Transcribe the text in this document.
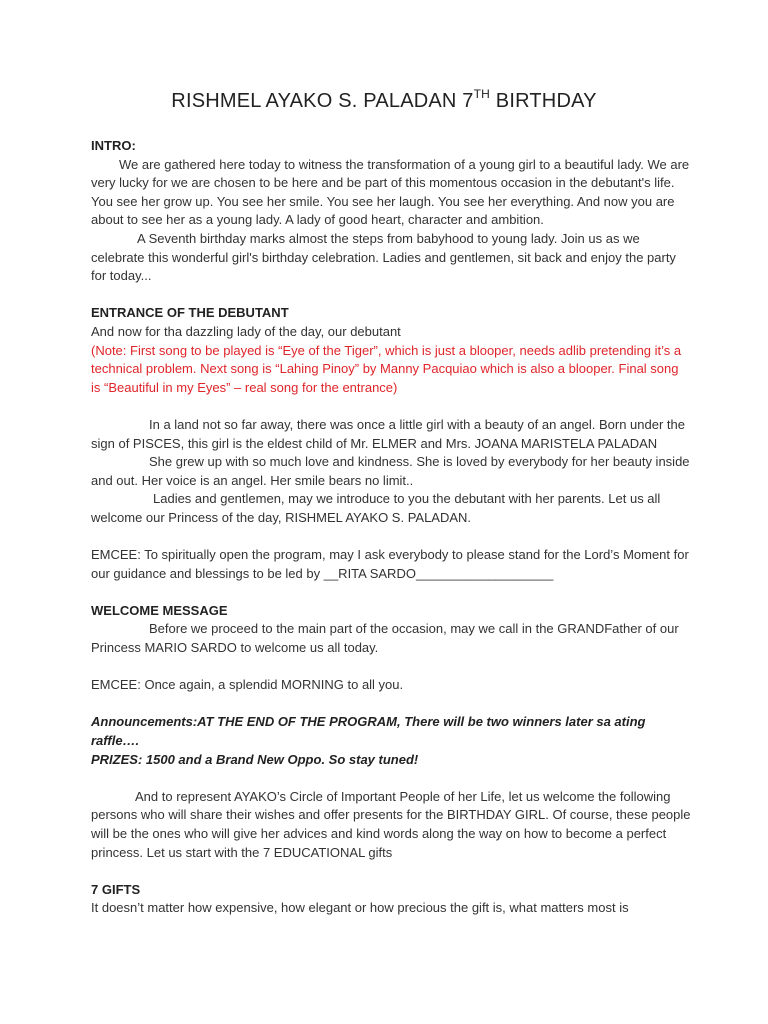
RISHMEL AYAKO S. PALADAN 7TH BIRTHDAY

INTRO:

We are gathered here today to witness the transformation of a young girl to a beautiful lady. We are very lucky for we are chosen to be here and be part of this momentous occasion in the debutant's life. You see her grow up. You see her smile. You see her laugh. You see her everything. And now you are about to see her as a young lady. A lady of good heart, character and ambition.

A Seventh birthday marks almost the steps from babyhood to young lady. Join us as we celebrate this wonderful girl's birthday celebration. Ladies and gentlemen, sit back and enjoy the party for today...

ENTRANCE OF THE DEBUTANT

And now for tha dazzling lady of the day, our debutant

(Note: First song to be played is “Eye of the Tiger”, which is just a blooper, needs adlib pretending it’s a technical problem. Next song is “Lahing Pinoy” by Manny Pacquiao which is also a blooper. Final song is “Beautiful in my Eyes” – real song for the entrance)

In a land not so far away, there was once a little girl with a beauty of an angel. Born under the sign of PISCES, this girl is the eldest child of Mr. ELMER and Mrs. JOANA MARISTELA PALADAN

She grew up with so much love and kindness. She is loved by everybody for her beauty inside and out. Her voice is an angel. Her smile bears no limit..

Ladies and gentlemen, may we introduce to you the debutant with her parents. Let us all welcome our Princess of the day, RISHMEL AYAKO S. PALADAN.

EMCEE: To spiritually open the program, may I ask everybody to please stand for the Lord’s Moment for our guidance and blessings to be led by __RITA SARDO___________________

WELCOME MESSAGE

Before we proceed to the main part of the occasion, may we call in the GRANDFather of our Princess MARIO SARDO to welcome us all today.

EMCEE: Once again, a splendid MORNING to all you.

Announcements:AT THE END OF THE PROGRAM, There will be two winners later sa ating raffle….

PRIZES: 1500 and a Brand New Oppo. So stay tuned!

And to represent AYAKO’s Circle of Important People of her Life, let us welcome the following persons who will share their wishes and offer presents for the BIRTHDAY GIRL. Of course, these people will be the ones who will give her advices and kind words along the way on how to become a perfect princess. Let us start with the 7 EDUCATIONAL gifts

7 GIFTS

It doesn’t matter how expensive, how elegant or how precious the gift is, what matters most is
